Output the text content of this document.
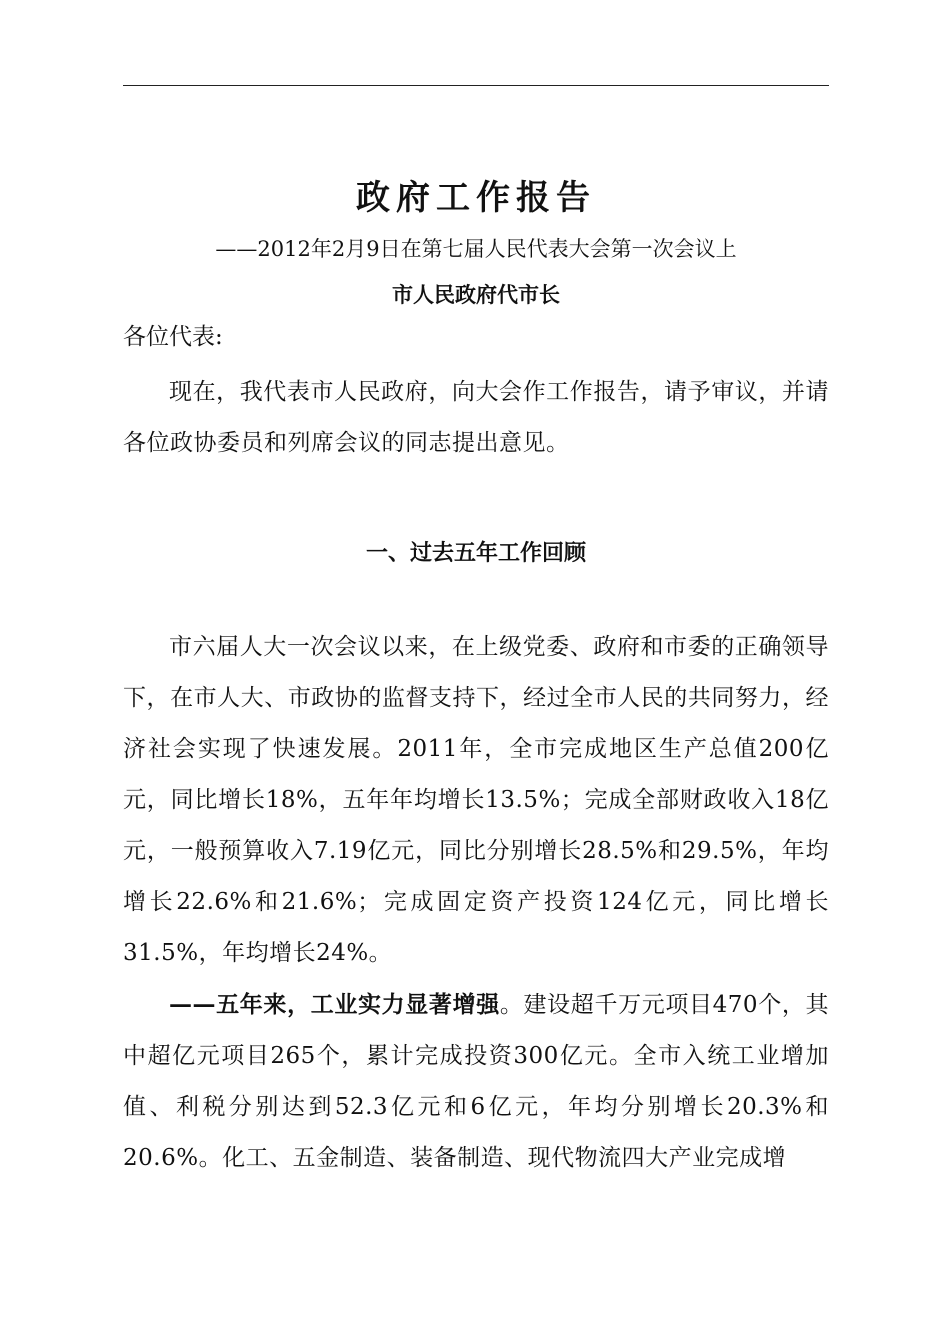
政府工作报告

——2012年2月9日在第七届人民代表大会第一次会议上

市人民政府代市长

各位代表:

现在，我代表市人民政府，向大会作工作报告，请予审议，并请各位政协委员和列席会议的同志提出意见。

一、过去五年工作回顾

市六届人大一次会议以来，在上级党委、政府和市委的正确领导下，在市人大、市政协的监督支持下，经过全市人民的共同努力，经济社会实现了快速发展。2011年，全市完成地区生产总值200亿元，同比增长18%，五年年均增长13.5%；完成全部财政收入18亿元，一般预算收入7.19亿元，同比分别增长28.5%和29.5%，年均增长22.6%和21.6%；完成固定资产投资124亿元，同比增长31.5%，年均增长24%。

——五年来，工业实力显著增强。建设超千万元项目470个，其中超亿元项目265个，累计完成投资300亿元。全市入统工业增加值、利税分别达到52.3亿元和6亿元，年均分别增长20.3%和20.6%。化工、五金制造、装备制造、现代物流四大产业完成增
